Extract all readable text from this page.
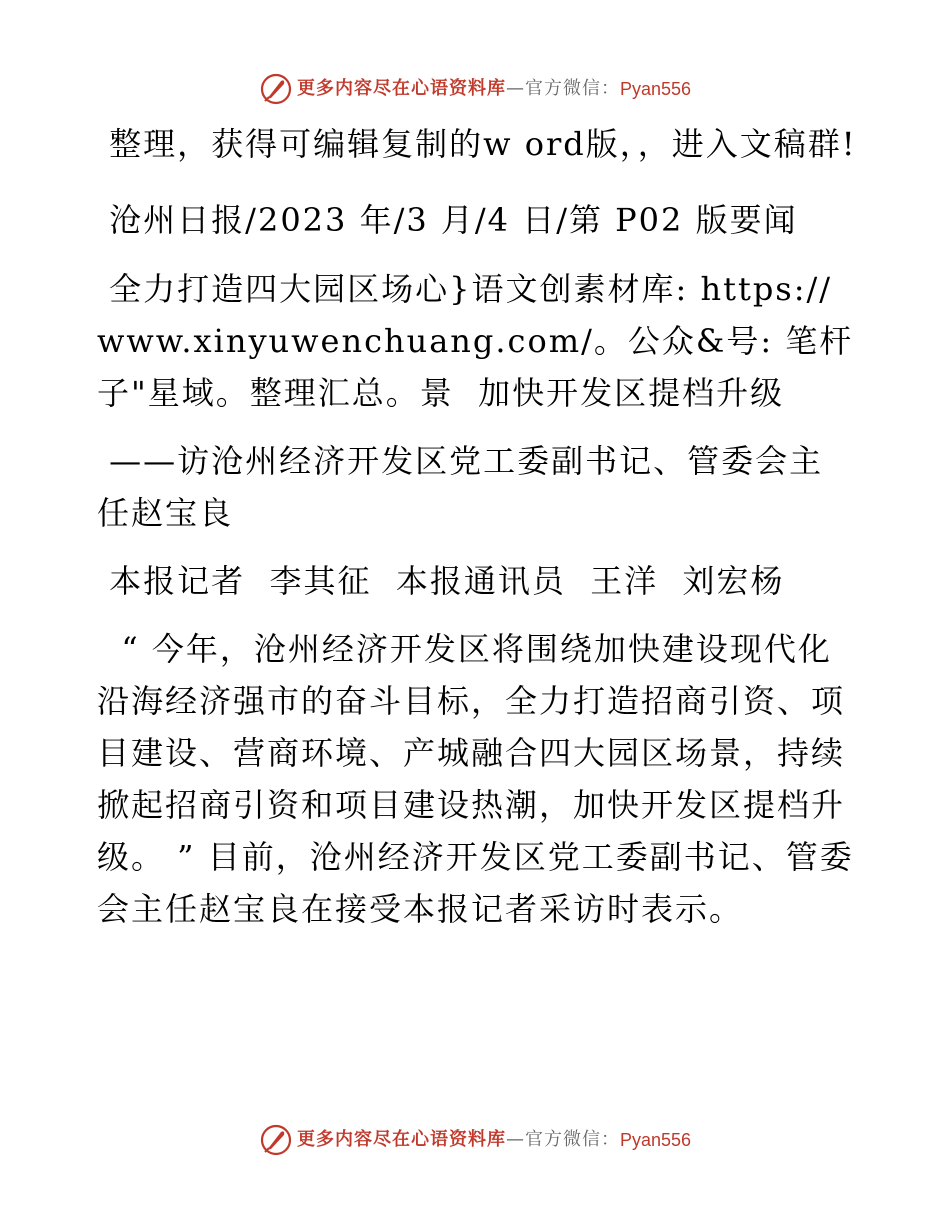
更多内容尽在心语资料库 — 官方微信： Pyan556

整理，获得可编辑复制的w ord版，，进入文稿群!

沧州日报/2023 年/3 月/4 日/第 P02 版要闻

全力打造四大园区场心}语文创素材库: https://www.xinyuwenchuang.com/。公众&号: 笔杆子"星域。整理汇总。景  加快开发区提档升级

——访沧州经济开发区党工委副书记、管委会主任赵宝良

本报记者  李其征  本报通讯员  王洋  刘宏杨

“ 今年，沧州经济开发区将围绕加快建设现代化沿海经济强市的奋斗目标，全力打造招商引资、项目建设、营商环境、产城融合四大园区场景，持续掀起招商引资和项目建设热潮，加快开发区提档升级。 ” 目前，沧州经济开发区党工委副书记、管委会主任赵宝良在接受本报记者采访时表示。

更多内容尽在心语资料库 — 官方微信： Pyan556
